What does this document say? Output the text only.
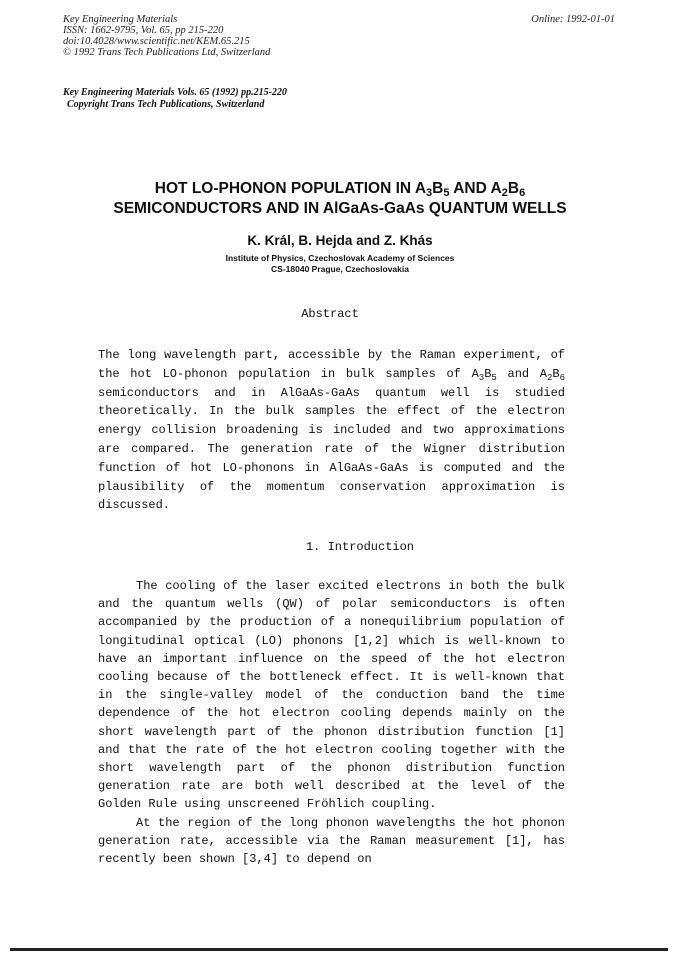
Key Engineering Materials
ISSN: 1662-9795, Vol. 65, pp 215-220
doi:10.4028/www.scientific.net/KEM.65.215
© 1992 Trans Tech Publications Ltd, Switzerland
Online: 1992-01-01
Key Engineering Materials Vols. 65 (1992) pp.215-220
Copyright Trans Tech Publications, Switzerland
HOT LO-PHONON POPULATION IN $A_3B_5$ AND $A_2B_6$
SEMICONDUCTORS AND IN AlGaAs-GaAs QUANTUM WELLS
K. Král, B. Hejda and Z. Khás
Institute of Physics, Czechoslovak Academy of Sciences
CS-18040 Prague, Czechoslovakia
Abstract
The long wavelength part, accessible by the Raman experiment, of the hot LO-phonon population in bulk samples of $A_3B_5$ and $A_2B_6$ semiconductors and in AlGaAs-GaAs quantum well is studied theoretically. In the bulk samples the effect of the electron energy collision broadening is included and two approximations are compared. The generation rate of the Wigner distribution function of hot LO-phonons in AlGaAs-GaAs is computed and the plausibility of the momentum conservation approximation is discussed.
1. Introduction

The cooling of the laser excited electrons in both the bulk and the quantum wells (QW) of polar semiconductors is often accompanied by the production of a nonequilibrium population of longitudinal optical (LO) phonons [1,2] which is well-known to have an important influence on the speed of the hot electron cooling because of the bottleneck effect. It is well-known that in the single-valley model of the conduction band the time dependence of the hot electron cooling depends mainly on the short wavelength part of the phonon distribution function [1] and that the rate of the hot electron cooling together with the short wavelength part of the phonon distribution function generation rate are both well described at the level of the Golden Rule using unscreened Fröhlich coupling.

At the region of the long phonon wavelengths the hot phonon generation rate, accessible via the Raman measurement [1], has recently been shown [3,4] to depend on
